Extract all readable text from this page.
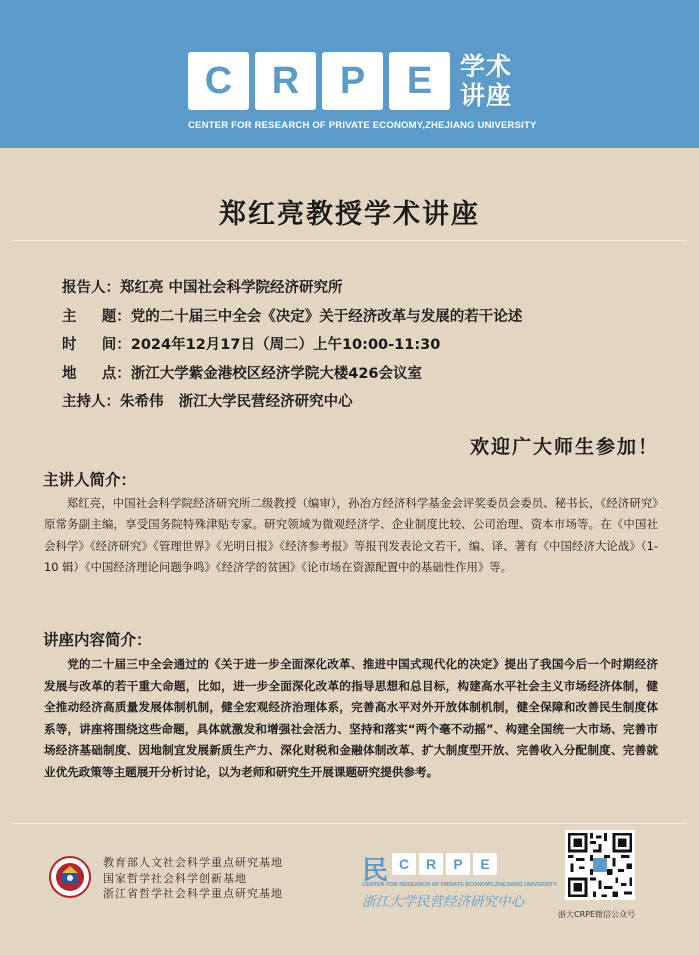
C	R	P	E	学术
讲座
CENTER FOR RESEARCH OF PRIVATE ECONOMY,ZHEJIANG UNIVERSITY
郑红亮教授学术讲座
报告人：郑红亮 中国社会科学院经济研究所
主     题：党的二十届三中全会《决定》关于经济改革与发展的若干论述
时     间：2024年12月17日（周二）上午10:00-11:30
地     点：浙江大学紫金港校区经济学院大楼426会议室
主持人：朱希伟   浙江大学民营经济研究中心
欢迎广大师生参加！
主讲人简介：
郑红亮，中国社会科学院经济研究所二级教授（编审），孙冶方经济科学基金会评奖委员会委员、秘书长，《经济研究》原常务副主编，享受国务院特殊津贴专家。研究领域为微观经济学、企业制度比较、公司治理、资本市场等。在《中国社会科学》《经济研究》《管理世界》《光明日报》《经济参考报》等报刊发表论文若干，编、译、著有《中国经济大论战》（1-10 辑）《中国经济理论问题争鸣》《经济学的贫困》《论市场在资源配置中的基础性作用》等。
讲座内容简介：
党的二十届三中全会通过的《关于进一步全面深化改革、推进中国式现代化的决定》提出了我国今后一个时期经济发展与改革的若干重大命题，比如，进一步全面深化改革的指导思想和总目标，构建高水平社会主义市场经济体制，健全推动经济高质量发展体制机制，健全宏观经济治理体系，完善高水平对外开放体制机制，健全保障和改善民生制度体系等，讲座将围绕这些命题，具体就激发和增强社会活力、坚持和落实“两个毫不动摇”、构建全国统一大市场、完善市场经济基础制度、因地制宜发展新质生产力、深化财税和金融体制改革、扩大制度型开放、完善收入分配制度、完善就业优先政策等主题展开分析讨论，以为老师和研究生开展课题研究提供参考。
教育部人文社会科学重点研究基地
国家哲学社会科学创新基地
浙江省哲学社会科学重点研究基地
民 C	R	P	E
CENTER FOR RESEARCH OF PRIVATE ECONOMY,ZHEJIANG UNIVERSITY
浙江大学民营经济研究中心
浙大CRPE微信公众号
